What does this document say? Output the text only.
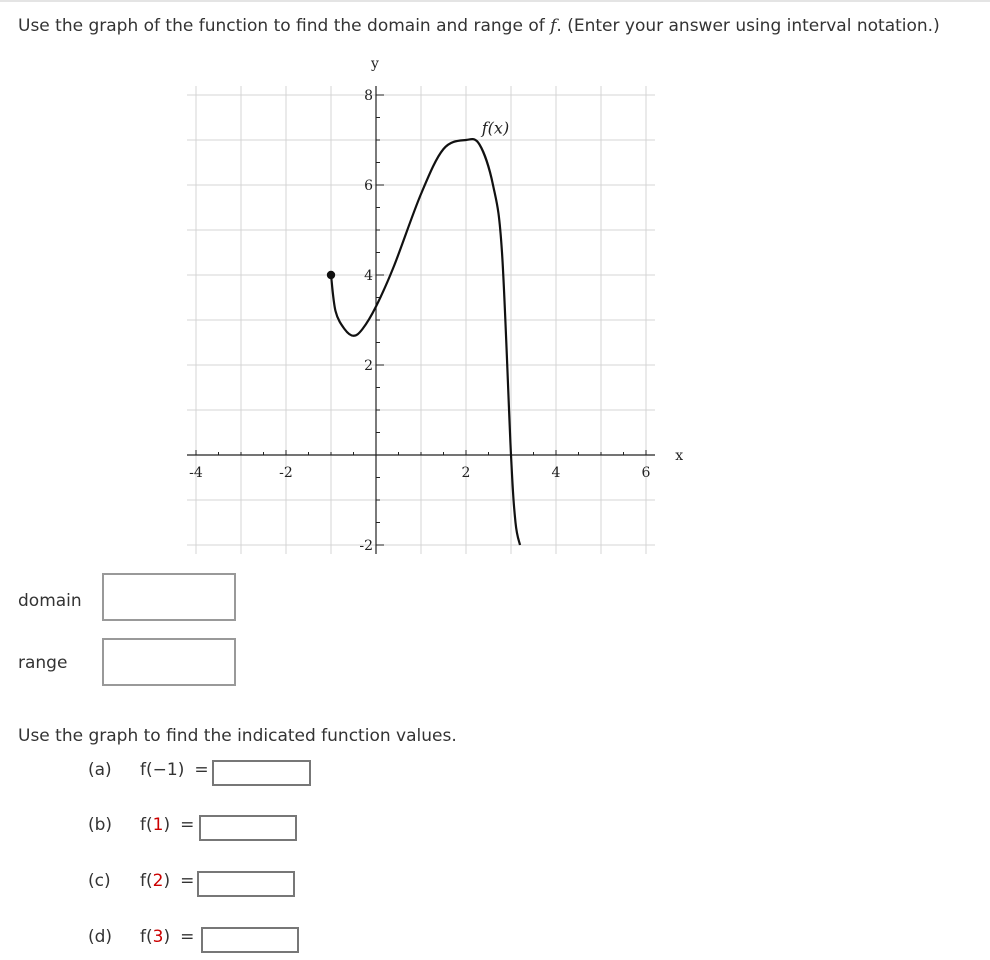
Use the graph of the function to find the domain and range of f. (Enter your answer using interval notation.)
x
y
-4	-2	2	4	6
-2
2
4
6
8
f(x)
domain
range
Use the graph to find the indicated function values.
(a) f(−1) =
(b) f(1) =
(c) f(2) =
(d) f(3) =
